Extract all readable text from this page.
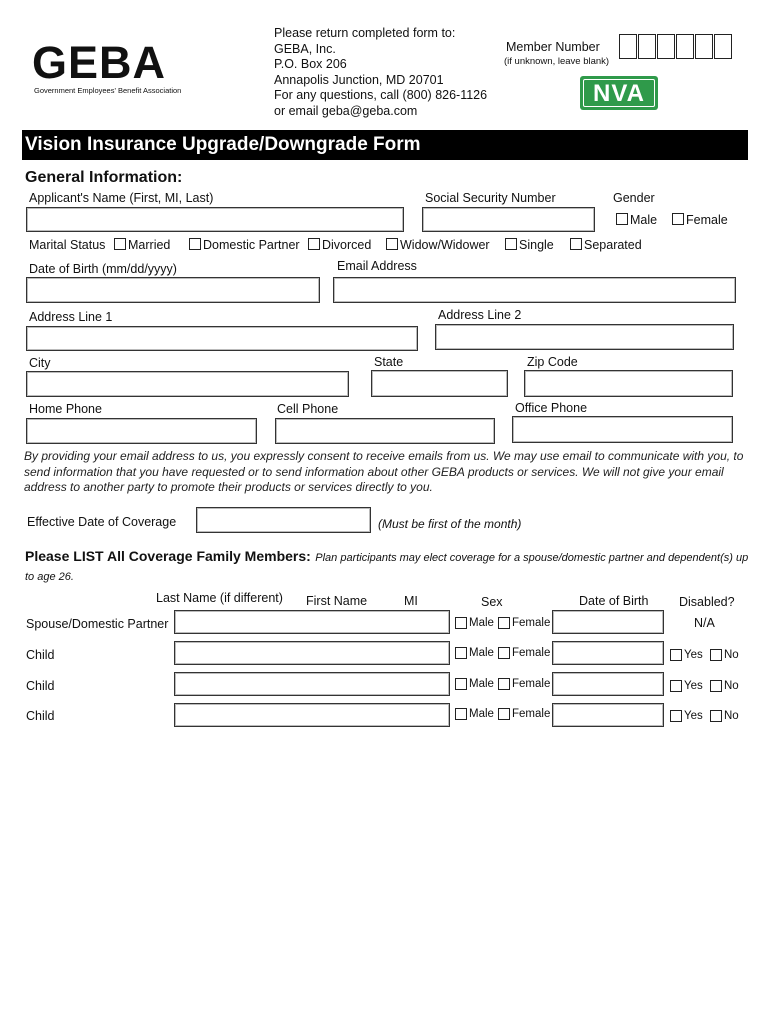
GEBA
Government Employees' Benefit Association
Please return completed form to:
GEBA, Inc.
P.O. Box 206
Annapolis Junction, MD 20701
For any questions, call (800) 826-1126
or email geba@geba.com
Member Number
(if unknown, leave blank)
NVA
Vision Insurance Upgrade/Downgrade Form
General Information:
Applicant's Name (First, MI, Last)	Social Security Number	Gender
Male Female
Marital Status Married	Domestic Partner Divorced Widow/Widower Single Separated
Date of Birth (mm/dd/yyyy)	Email Address
Address Line 1	Address Line 2
City	State	Zip Code
Home Phone	Cell Phone	Office Phone
By providing your email address to us, you expressly consent to receive emails from us. We may use email to communicate with you, to send information that you have requested or to send information about other GEBA products or services. We will not give your email address to another party to promote their products or services directly to you.
Effective Date of Coverage	(Must be first of the month)
Please LIST All Coverage Family Members: Plan participants may elect coverage for a spouse/domestic partner and dependent(s) up to age 26.
Last Name (if different) First Name	MI	Sex	Date of Birth Disabled?
Spouse/Domestic Partner	Male Female	N/A
Child	Male Female	Yes No
Child	Male Female	Yes No
Child	Male Female	Yes No
